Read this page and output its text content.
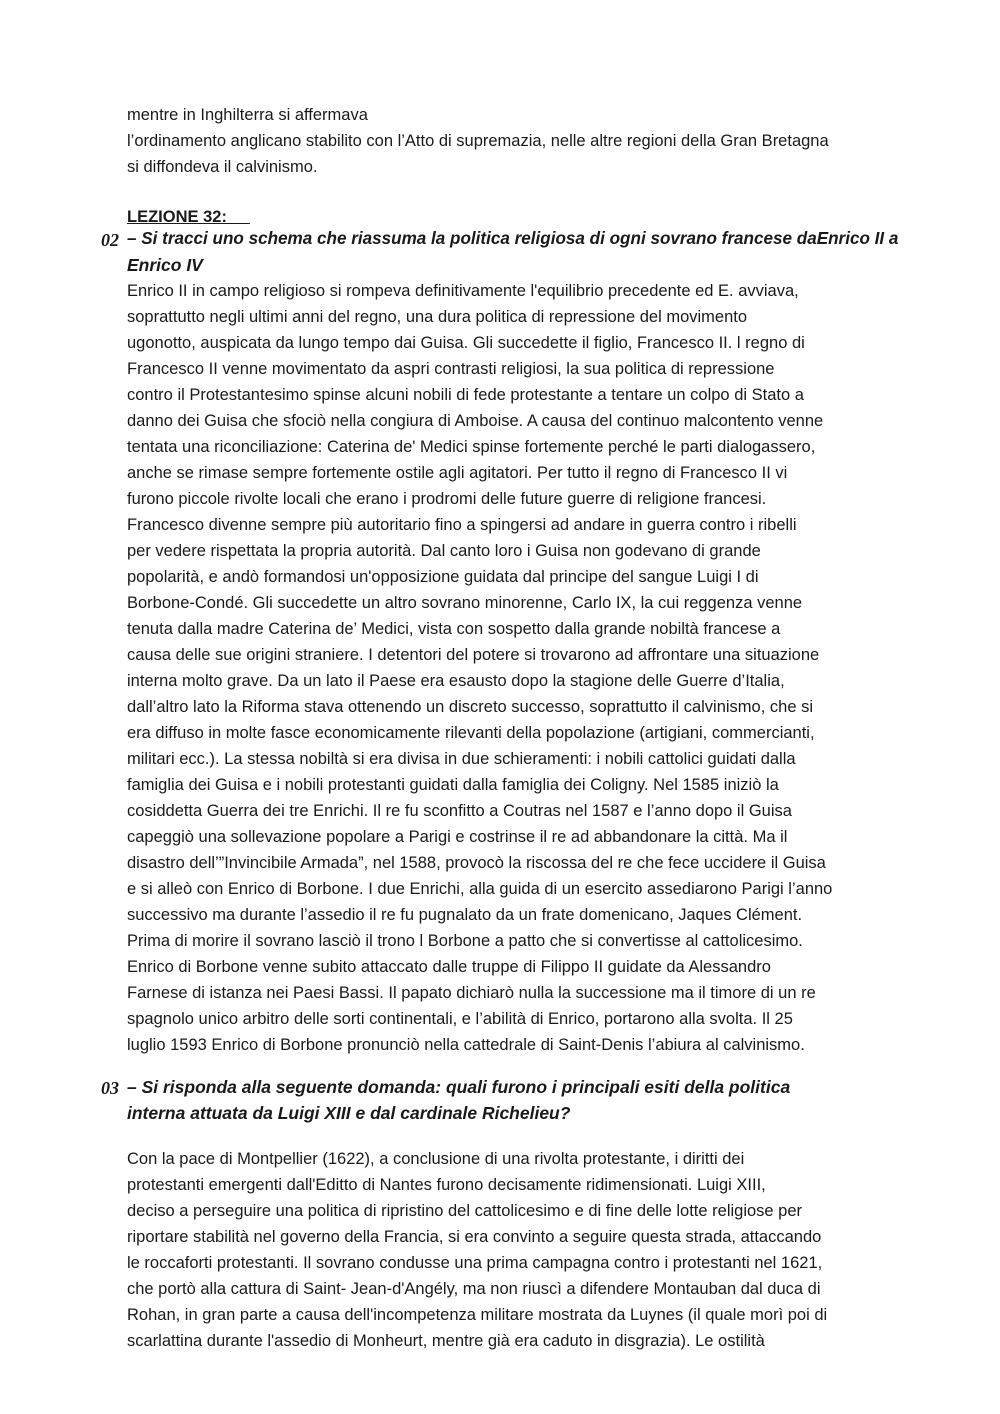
mentre in Inghilterra si affermava
l’ordinamento anglicano stabilito con l’Atto di supremazia, nelle altre regioni della Gran Bretagna
si diffondeva il calvinismo.

LEZIONE 32:
02 – Si tracci uno schema che riassuma la politica religiosa di ogni sovrano francese daEnrico II a
Enrico IV

Enrico II in campo religioso si rompeva definitivamente l'equilibrio precedente ed E. avviava,
soprattutto negli ultimi anni del regno, una dura politica di repressione del movimento
ugonotto, auspicata da lungo tempo dai Guisa. Gli succedette il figlio, Francesco II. l regno di
Francesco II venne movimentato da aspri contrasti religiosi, la sua politica di repressione
contro il Protestantesimo spinse alcuni nobili di fede protestante a tentare un colpo di Stato a
danno dei Guisa che sfociò nella congiura di Amboise. A causa del continuo malcontento venne
tentata una riconciliazione: Caterina de' Medici spinse fortemente perché le parti dialogassero,
anche se rimase sempre fortemente ostile agli agitatori. Per tutto il regno di Francesco II vi
furono piccole rivolte locali che erano i prodromi delle future guerre di religione francesi.
Francesco divenne sempre più autoritario fino a spingersi ad andare in guerra contro i ribelli
per vedere rispettata la propria autorità. Dal canto loro i Guisa non godevano di grande
popolarità, e andò formandosi un'opposizione guidata dal principe del sangue Luigi I di
Borbone-Condé. Gli succedette un altro sovrano minorenne, Carlo IX, la cui reggenza venne
tenuta dalla madre Caterina de’ Medici, vista con sospetto dalla grande nobiltà francese a
causa delle sue origini straniere. I detentori del potere si trovarono ad affrontare una situazione
interna molto grave. Da un lato il Paese era esausto dopo la stagione delle Guerre d’Italia,
dall’altro lato la Riforma stava ottenendo un discreto successo, soprattutto il calvinismo, che si
era diffuso in molte fasce economicamente rilevanti della popolazione (artigiani, commercianti,
militari ecc.). La stessa nobiltà si era divisa in due schieramenti: i nobili cattolici guidati dalla
famiglia dei Guisa e i nobili protestanti guidati dalla famiglia dei Coligny. Nel 1585 iniziò la
cosiddetta Guerra dei tre Enrichi. Il re fu sconfitto a Coutras nel 1587 e l’anno dopo il Guisa
capeggiò una sollevazione popolare a Parigi e costrinse il re ad abbandonare la città. Ma il
disastro dell’”Invincibile Armada”, nel 1588, provocò la riscossa del re che fece uccidere il Guisa
e si alleò con Enrico di Borbone. I due Enrichi, alla guida di un esercito assediarono Parigi l’anno
successivo ma durante l’assedio il re fu pugnalato da un frate domenicano, Jaques Clément.
Prima di morire il sovrano lasciò il trono l Borbone a patto che si convertisse al cattolicesimo.
Enrico di Borbone venne subito attaccato dalle truppe di Filippo II guidate da Alessandro
Farnese di istanza nei Paesi Bassi. Il papato dichiarò nulla la successione ma il timore di un re
spagnolo unico arbitro delle sorti continentali, e l’abilità di Enrico, portarono alla svolta. Il 25
luglio 1593 Enrico di Borbone pronunciò nella cattedrale di Saint-Denis l’abiura al calvinismo.

03 – Si risponda alla seguente domanda: quali furono i principali esiti della politica
interna attuata da Luigi XIII e dal cardinale Richelieu?

Con la pace di Montpellier (1622), a conclusione di una rivolta protestante, i diritti dei
protestanti emergenti dall'Editto di Nantes furono decisamente ridimensionati. Luigi XIII,
deciso a perseguire una politica di ripristino del cattolicesimo e di fine delle lotte religiose per
riportare stabilità nel governo della Francia, si era convinto a seguire questa strada, attaccando
le roccaforti protestanti. Il sovrano condusse una prima campagna contro i protestanti nel 1621,
che portò alla cattura di Saint- Jean-d'Angély, ma non riuscì a difendere Montauban dal duca di
Rohan, in gran parte a causa dell'incompetenza militare mostrata da Luynes (il quale morì poi di
scarlattina durante l'assedio di Monheurt, mentre già era caduto in disgrazia). Le ostilità
